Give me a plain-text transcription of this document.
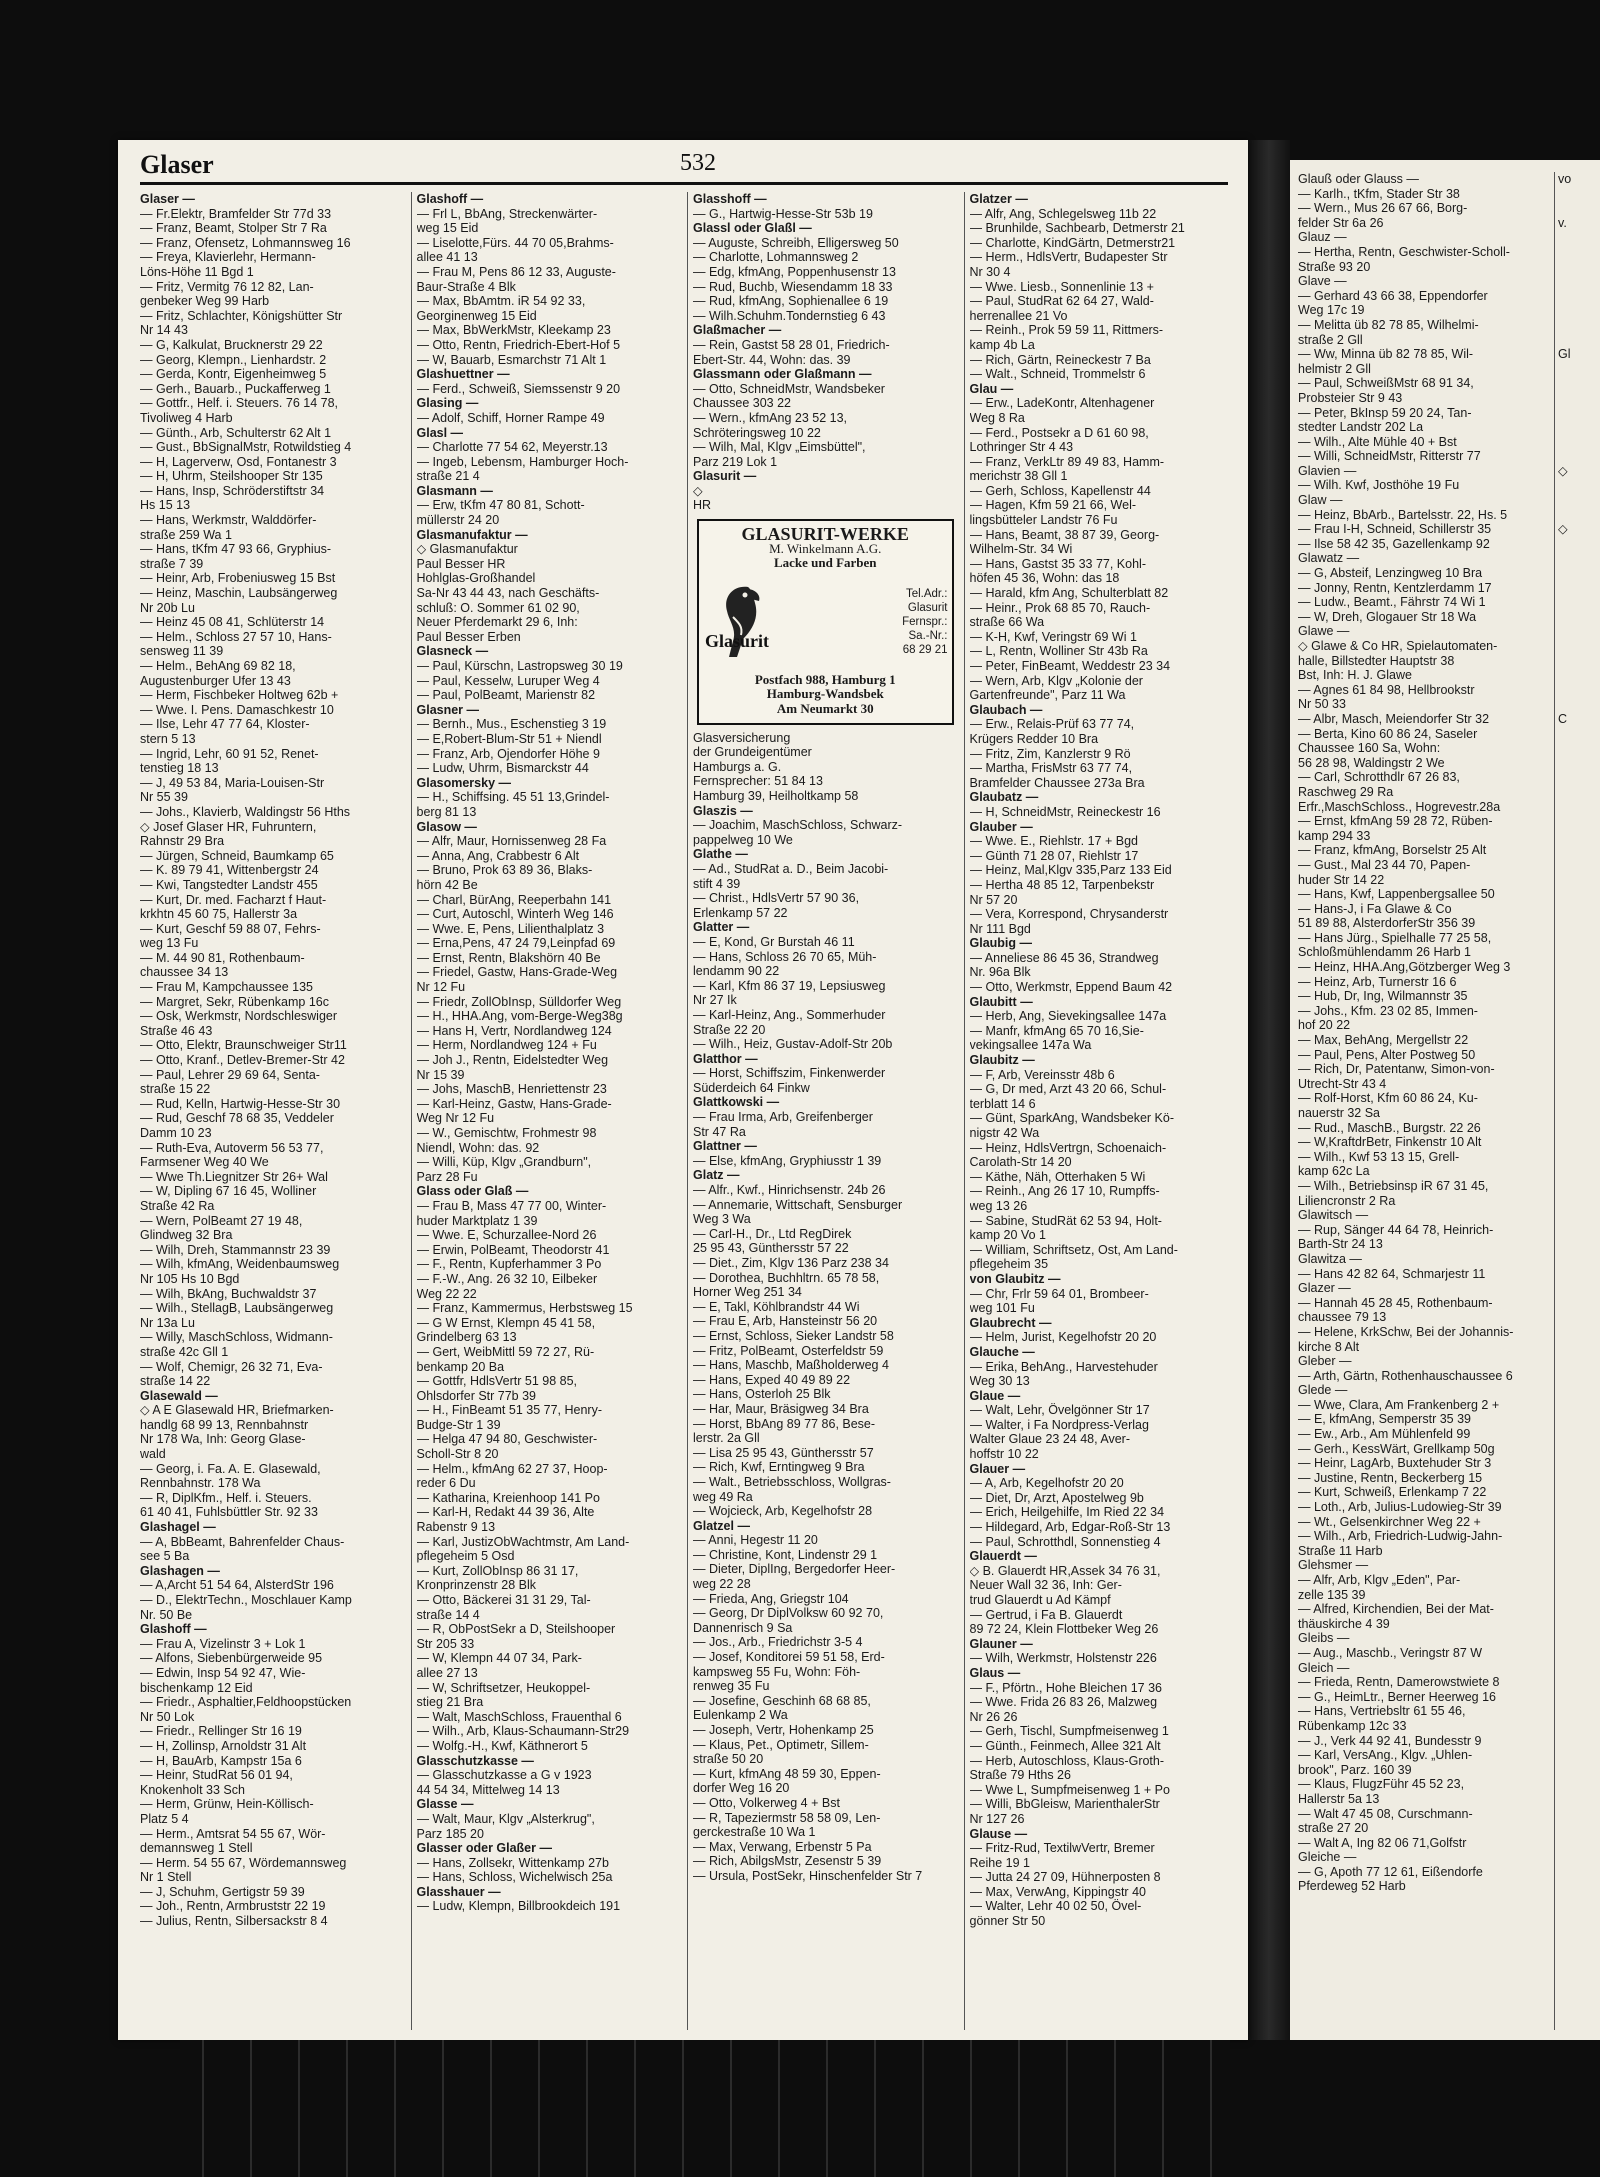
Glaser	532
Glaser —
— Fr.Elektr, Bramfelder Str 77d 33
— Franz, Beamt, Stolper Str 7 Ra
— Franz, Ofensetz, Lohmannsweg 16
— Freya, Klavierlehr, Hermann-
Löns-Höhe 11 Bgd 1
— Fritz, Vermitg 76 12 82, Lan-
genbeker Weg 99 Harb
— Fritz, Schlachter, Königshütter Str
Nr 14 43
— G, Kalkulat, Brucknerstr 29 22
— Georg, Klempn., Lienhardstr. 2
— Gerda, Kontr, Eigenheimweg 5
— Gerh., Bauarb., Puckafferweg 1
— Gottfr., Helf. i. Steuers. 76 14 78,
Tivoliweg 4 Harb
— Günth., Arb, Schulterstr 62 Alt 1
— Gust., BbSignalMstr, Rotwildstieg 4
— H, Lagerverw, Osd, Fontanestr 3
— H, Uhrm, Steilshooper Str 135
— Hans, Insp, Schröderstiftstr 34
Hs 15 13
— Hans, Werkmstr, Walddörfer-
straße 259 Wa 1
— Hans, tKfm 47 93 66, Gryphius-
straße 7 39
— Heinr, Arb, Frobeniusweg 15 Bst
— Heinz, Maschin, Laubsängerweg
Nr 20b Lu
— Heinz 45 08 41, Schlüterstr 14
— Helm., Schloss 27 57 10, Hans-
sensweg 11 39
— Helm., BehAng 69 82 18,
Augustenburger Ufer 13 43
— Herm, Fischbeker Holtweg 62b +
— Wwe. I. Pens. Damaschkestr 10
— Ilse, Lehr 47 77 64, Kloster-
stern 5 13
— Ingrid, Lehr, 60 91 52, Renet-
tenstieg 18 13
— J, 49 53 84, Maria-Louisen-Str
Nr 55 39
— Johs., Klavierb, Waldingstr 56 Hths
◇ Josef Glaser HR, Fuhruntern,
Rahnstr 29 Bra
— Jürgen, Schneid, Baumkamp 65
— K. 89 79 41, Wittenbergstr 24
— Kwi, Tangstedter Landstr 455
— Kurt, Dr. med. Facharzt f Haut-
krkhtn 45 60 75, Hallerstr 3a
— Kurt, Geschf 59 88 07, Fehrs-
weg 13 Fu
— M. 44 90 81, Rothenbaum-
chaussee 34 13
— Frau M, Kampchaussee 135
— Margret, Sekr, Rübenkamp 16c
— Osk, Werkmstr, Nordschleswiger
Straße 46 43
— Otto, Elektr, Braunschweiger Str11
— Otto, Kranf., Detlev-Bremer-Str 42
— Paul, Lehrer 29 69 64, Senta-
straße 15 22
— Rud, Kelln, Hartwig-Hesse-Str 30
— Rud, Geschf 78 68 35, Veddeler
Damm 10 23
— Ruth-Eva, Autoverm 56 53 77,
Farmsener Weg 40 We
— Wwe Th.Liegnitzer Str 26+ Wal
— W, Dipling 67 16 45, Wolliner
Straße 42 Ra
— Wern, PolBeamt 27 19 48,
Glindweg 32 Bra
— Wilh, Dreh, Stammannstr 23 39
— Wilh, kfmAng, Weidenbaumsweg
Nr 105 Hs 10 Bgd
— Wilh, BkAng, Buchwaldstr 37
— Wilh., StellagB, Laubsängerweg
Nr 13a Lu
— Willy, MaschSchloss, Widmann-
straße 42c Gll 1
— Wolf, Chemigr, 26 32 71, Eva-
straße 14 22
Glasewald —
◇ A E Glasewald HR, Briefmarken-
handlg 68 99 13, Rennbahnstr
Nr 178 Wa, Inh: Georg Glase-
wald
— Georg, i. Fa. A. E. Glasewald,
Rennbahnstr. 178 Wa
— R, DiplKfm., Helf. i. Steuers.
61 40 41, Fuhlsbüttler Str. 92 33
Glashagel —
— A, BbBeamt, Bahrenfelder Chaus-
see 5 Ba
Glashagen —
— A,Archt 51 54 64, AlsterdStr 196
— D., ElektrTechn., Moschlauer Kamp
Nr. 50 Be
Glashoff —
— Frau A, Vizelinstr 3 + Lok 1
— Alfons, Siebenbürgerweide 95
— Edwin, Insp 54 92 47, Wie-
bischenkamp 12 Eid
— Friedr., Asphaltier,Feldhoopstücken
Nr 50 Lok
— Friedr., Rellinger Str 16 19
— H, Zollinsp, Arnoldstr 31 Alt
— H, BauArb, Kampstr 15a 6
— Heinr, StudRat 56 01 94,
Knokenholt 33 Sch
— Herm, Grünw, Hein-Köllisch-
Platz 5 4
— Herm., Amtsrat 54 55 67, Wör-
demannsweg 1 Stell
— Herm. 54 55 67, Wördemannsweg
Nr 1 Stell
— J, Schuhm, Gertigstr 59 39
— Joh., Rentn, Armbruststr 22 19
— Julius, Rentn, Silbersackstr 8 4
Glashoff —
— Frl L, BbAng, Streckenwärter-
weg 15 Eid
— Liselotte,Fürs. 44 70 05,Brahms-
allee 41 13
— Frau M, Pens 86 12 33, Auguste-
Baur-Straße 4 Blk
— Max, BbAmtm. iR 54 92 33,
Georginenweg 15 Eid
— Max, BbWerkMstr, Kleekamp 23
— Otto, Rentn, Friedrich-Ebert-Hof 5
— W, Bauarb, Esmarchstr 71 Alt 1
Glashuettner —
— Ferd., Schweiß, Siemssenstr 9 20
Glasing —
— Adolf, Schiff, Horner Rampe 49
Glasl —
— Charlotte 77 54 62, Meyerstr.13
— Ingeb, Lebensm, Hamburger Hoch-
straße 21 4
Glasmann —
— Erw, tKfm 47 80 81, Schott-
müllerstr 24 20
Glasmanufaktur —
◇ Glasmanufaktur
Paul Besser HR
Hohlglas-Großhandel
Sa-Nr 43 44 43, nach Geschäfts-
schluß: O. Sommer 61 02 90,
Neuer Pferdemarkt 29 6, Inh:
Paul Besser Erben
Glasneck —
— Paul, Kürschn, Lastropsweg 30 19
— Paul, Kesselw, Luruper Weg 4
— Paul, PolBeamt, Marienstr 82
Glasner —
— Bernh., Mus., Eschenstieg 3 19
— E,Robert-Blum-Str 51 + Niendl
— Franz, Arb, Ojendorfer Höhe 9
— Ludw, Uhrm, Bismarckstr 44
Glasomersky —
— H., Schiffsing. 45 51 13,Grindel-
berg 81 13
Glasow —
— Alfr, Maur, Hornissenweg 28 Fa
— Anna, Ang, Crabbestr 6 Alt
— Bruno, Prok 63 89 36, Blaks-
hörn 42 Be
— Charl, BürAng, Reeperbahn 141
— Curt, Autoschl, Winterh Weg 146
— Wwe. E, Pens, Lilienthalplatz 3
— Erna,Pens, 47 24 79,Leinpfad 69
— Ernst, Rentn, Blakshörn 40 Be
— Friedel, Gastw, Hans-Grade-Weg
Nr 12 Fu
— Friedr, ZollObInsp, Sülldorfer Weg
— H., HHA.Ang, vom-Berge-Weg38g
— Hans H, Vertr, Nordlandweg 124
— Herm, Nordlandweg 124 + Fu
— Joh J., Rentn, Eidelstedter Weg
Nr 15 39
— Johs, MaschB, Henriettenstr 23
— Karl-Heinz, Gastw, Hans-Grade-
Weg Nr 12 Fu
— W., Gemischtw, Frohmestr 98
Niendl, Wohn: das. 92
— Willi, Küp, Klgv „Grandburn",
Parz 28 Fu
Glass oder Glaß —
— Frau B, Mass 47 77 00, Winter-
huder Marktplatz 1 39
— Wwe. E, Schurzallee-Nord 26
— Erwin, PolBeamt, Theodorstr 41
— F., Rentn, Kupferhammer 3 Po
— F.-W., Ang. 26 32 10, Eilbeker
Weg 22 22
— Franz, Kammermus, Herbstsweg 15
— G W Ernst, Klempn 45 41 58,
Grindelberg 63 13
— Gert, WeibMittl 59 72 27, Rü-
benkamp 20 Ba
— Gottfr, HdlsVertr 51 98 85,
Ohlsdorfer Str 77b 39
— H., FinBeamt 51 35 77, Henry-
Budge-Str 1 39
— Helga 47 94 80, Geschwister-
Scholl-Str 8 20
— Helm., kfmAng 62 27 37, Hoop-
reder 6 Du
— Katharina, Kreienhoop 141 Po
— Karl-H, Redakt 44 39 36, Alte
Rabenstr 9 13
— Karl, JustizObWachtmstr, Am Land-
pflegeheim 5 Osd
— Kurt, ZollObInsp 86 31 17,
Kronprinzenstr 28 Blk
— Otto, Bäckerei 31 31 29, Tal-
straße 14 4
— R, ObPostSekr a D, Steilshooper
Str 205 33
— W, Klempn 44 07 34, Park-
allee 27 13
— W, Schriftsetzer, Heukoppel-
stieg 21 Bra
— Walt, MaschSchloss, Frauenthal 6
— Wilh., Arb, Klaus-Schaumann-Str29
— Wolfg.-H., Kwf, Käthnerort 5
Glasschutzkasse —
— Glasschutzkasse a G v 1923
44 54 34, Mittelweg 14 13
Glasse —
— Walt, Maur, Klgv „Alsterkrug",
Parz 185 20
Glasser oder Glaßer —
— Hans, Zollsekr, Wittenkamp 27b
— Hans, Schloss, Wichelwisch 25a
Glasshauer —
— Ludw, Klempn, Billbrookdeich 191
Glasshoff —
— G., Hartwig-Hesse-Str 53b 19
Glassl oder Glaßl —
— Auguste, Schreibh, Elligersweg 50
— Charlotte, Lohmannsweg 2
— Edg, kfmAng, Poppenhusenstr 13
— Rud, Buchb, Wiesendamm 18 33
— Rud, kfmAng, Sophienallee 6 19
— Wilh.Schuhm.Tondernstieg 6 43
Glaßmacher —
— Rein, Gastst 58 28 01, Friedrich-
Ebert-Str. 44, Wohn: das. 39
Glassmann oder Glaßmann —
— Otto, SchneidMstr, Wandsbeker
Chaussee 303 22
— Wern., kfmAng 23 52 13,
Schröteringsweg 10 22
— Wilh, Mal, Klgv „Eimsbüttel",
Parz 219 Lok 1
Glasurit —
◇
HR
GLASURIT-WERKE
M. Winkelmann A.G.
Lacke und Farben
Glasurit
Tel.Adr.:
Glasurit
Fernspr.:
Sa.-Nr.:
68 29 21
Postfach 988, Hamburg 1
Hamburg-Wandsbek
Am Neumarkt 30
Glasversicherung
der Grundeigentümer
Hamburgs a. G.
Fernsprecher: 51 84 13
Hamburg 39, Heilholtkamp 58
Glaszis —
— Joachim, MaschSchloss, Schwarz-
pappelweg 10 We
Glathe —
— Ad., StudRat a. D., Beim Jacobi-
stift 4 39
— Christ., HdlsVertr 57 90 36,
Erlenkamp 57 22
Glatter —
— E, Kond, Gr Burstah 46 11
— Hans, Schloss 26 70 65, Müh-
lendamm 90 22
— Karl, Kfm 86 37 19, Lepsiusweg
Nr 27 Ik
— Karl-Heinz, Ang., Sommerhuder
Straße 22 20
— Wilh., Heiz, Gustav-Adolf-Str 20b
Glatthor —
— Horst, Schiffszim, Finkenwerder
Süderdeich 64 Finkw
Glattkowski —
— Frau Irma, Arb, Greifenberger
Str 47 Ra
Glattner —
— Else, kfmAng, Gryphiusstr 1 39
Glatz —
— Alfr., Kwf., Hinrichsenstr. 24b 26
— Annemarie, Wittschaft, Sensburger
Weg 3 Wa
— Carl-H., Dr., Ltd RegDirek
25 95 43, Günthersstr 57 22
— Diet., Zim, Klgv 136 Parz 238 34
— Dorothea, Buchhltrn. 65 78 58,
Horner Weg 251 34
— E, Takl, Köhlbrandstr 44 Wi
— Frau E, Arb, Hansteinstr 56 20
— Ernst, Schloss, Sieker Landstr 58
— Fritz, PolBeamt, Osterfeldstr 59
— Hans, Maschb, Maßholderweg 4
— Hans, Exped 40 49 89 22
— Hans, Osterloh 25 Blk
— Har, Maur, Bräsigweg 34 Bra
— Horst, BbAng 89 77 86, Bese-
lerstr. 2a Gll
— Lisa 25 95 43, Günthersstr 57
— Rich, Kwf, Erntingweg 9 Bra
— Walt., Betriebsschloss, Wollgras-
weg 49 Ra
— Wojcieck, Arb, Kegelhofstr 28
Glatzel —
— Anni, Hegestr 11 20
— Christine, Kont, Lindenstr 29 1
— Dieter, DiplIng, Bergedorfer Heer-
weg 22 28
— Frieda, Ang, Griegstr 104
— Georg, Dr DiplVolksw 60 92 70,
Dannenrisch 9 Sa
— Jos., Arb., Friedrichstr 3-5 4
— Josef, Konditorei 59 51 58, Erd-
kampsweg 55 Fu, Wohn: Föh-
renweg 35 Fu
— Josefine, Geschinh 68 68 85,
Eulenkamp 2 Wa
— Joseph, Vertr, Hohenkamp 25
— Klaus, Pet., Optimetr, Sillem-
straße 50 20
— Kurt, kfmAng 48 59 30, Eppen-
dorfer Weg 16 20
— Otto, Volkerweg 4 + Bst
— R, Tapeziermstr 58 58 09, Len-
gerckestraße 10 Wa 1
— Max, Verwang, Erbenstr 5 Pa
— Rich, AbilgsMstr, Zesenstr 5 39
— Ursula, PostSekr, Hinschenfelder Str 7
Glatzer —
— Alfr, Ang, Schlegelsweg 11b 22
— Brunhilde, Sachbearb, Detmerstr 21
— Charlotte, KindGärtn, Detmerstr21
— Herm., HdlsVertr, Budapester Str
Nr 30 4
— Wwe. Liesb., Sonnenlinie 13 +
— Paul, StudRat 62 64 27, Wald-
herrenallee 21 Vo
— Reinh., Prok 59 59 11, Rittmers-
kamp 4b La
— Rich, Gärtn, Reineckestr 7 Ba
— Walt., Schneid, Trommelstr 6
Glau —
— Erw., LadeKontr, Altenhagener
Weg 8 Ra
— Ferd., Postsekr a D 61 60 98,
Lothringer Str 4 43
— Franz, VerkLtr 89 49 83, Hamm-
merichstr 38 Gll 1
— Gerh, Schloss, Kapellenstr 44
— Hagen, Kfm 59 21 66, Wel-
lingsbütteler Landstr 76 Fu
— Hans, Beamt, 38 87 39, Georg-
Wilhelm-Str. 34 Wi
— Hans, Gastst 35 33 77, Kohl-
höfen 45 36, Wohn: das 18
— Harald, kfm Ang, Schulterblatt 82
— Heinr., Prok 68 85 70, Rauch-
straße 66 Wa
— K-H, Kwf, Veringstr 69 Wi 1
— L, Rentn, Wolliner Str 43b Ra
— Peter, FinBeamt, Weddestr 23 34
— Wern, Arb, Klgv „Kolonie der
Gartenfreunde", Parz 11 Wa
Glaubach —
— Erw., Relais-Prüf 63 77 74,
Krügers Redder 10 Bra
— Fritz, Zim, Kanzlerstr 9 Rö
— Martha, FrisMstr 63 77 74,
Bramfelder Chaussee 273a Bra
Glaubatz —
— H, SchneidMstr, Reineckestr 16
Glauber —
— Wwe. E., Riehlstr. 17 + Bgd
— Günth 71 28 07, Riehlstr 17
— Heinz, Mal,Klgv 335,Parz 133 Eid
— Hertha 48 85 12, Tarpenbekstr
Nr 57 20
— Vera, Korrespond, Chrysanderstr
Nr 111 Bgd
Glaubig —
— Anneliese 86 45 36, Strandweg
Nr. 96a Blk
— Otto, Werkmstr, Eppend Baum 42
Glaubitt —
— Herb, Ang, Sievekingsallee 147a
— Manfr, kfmAng 65 70 16,Sie-
vekingsallee 147a Wa
Glaubitz —
— F, Arb, Vereinsstr 48b 6
— G, Dr med, Arzt 43 20 66, Schul-
terblatt 14 6
— Günt, SparkAng, Wandsbeker Kö-
nigstr 42 Wa
— Heinz, HdlsVertrgn, Schoenaich-
Carolath-Str 14 20
— Käthe, Näh, Otterhaken 5 Wi
— Reinh., Ang 26 17 10, Rumpffs-
weg 13 26
— Sabine, StudRät 62 53 94, Holt-
kamp 20 Vo 1
— William, Schriftsetz, Ost, Am Land-
pflegeheim 35
von Glaubitz —
— Chr, Frlr 59 64 01, Brombeer-
weg 101 Fu
Glaubrecht —
— Helm, Jurist, Kegelhofstr 20 20
Glauche —
— Erika, BehAng., Harvestehuder
Weg 30 13
Glaue —
— Walt, Lehr, Övelgönner Str 17
— Walter, i Fa Nordpress-Verlag
Walter Glaue 23 24 48, Aver-
hoffstr 10 22
Glauer —
— A, Arb, Kegelhofstr 20 20
— Diet, Dr, Arzt, Apostelweg 9b
— Erich, Heilgehilfe, Im Ried 22 34
— Hildegard, Arb, Edgar-Roß-Str 13
— Paul, Schrotthdl, Sonnenstieg 4
Glauerdt —
◇ B. Glauerdt HR,Assek 34 76 31,
Neuer Wall 32 36, Inh: Ger-
trud Glauerdt u Ad Kämpf
— Gertrud, i Fa B. Glauerdt
89 72 24, Klein Flottbeker Weg 26
Glauner —
— Wilh, Werkmstr, Holstenstr 226
Glaus —
— F., Pförtn., Hohe Bleichen 17 36
— Wwe. Frida 26 83 26, Malzweg
Nr 26 26
— Gerh, Tischl, Sumpfmeisenweg 1
— Günth., Feinmech, Allee 321 Alt
— Herb, Autoschloss, Klaus-Groth-
Straße 79 Hths 26
— Wwe L, Sumpfmeisenweg 1 + Po
— Willi, BbGleisw, MarienthalerStr
Nr 127 26
Glause —
— Fritz-Rud, TextilwVertr, Bremer
Reihe 19 1
— Jutta 24 27 09, Hühnerposten 8
— Max, VerwAng, Kippingstr 40
— Walter, Lehr 40 02 50, Övel-
gönner Str 50
Glauß oder Glauss —
— Karlh., tKfm, Stader Str 38
— Wern., Mus 26 67 66, Borg-
felder Str 6a 26
Glauz —
— Hertha, Rentn, Geschwister-Scholl-
Straße 93 20
Glave —
— Gerhard 43 66 38, Eppendorfer
Weg 17c 19
— Melitta üb 82 78 85, Wilhelmi-
straße 2 Gll
— Ww, Minna üb 82 78 85, Wil-
helmistr 2 Gll
— Paul, SchweißMstr 68 91 34,
Probsteier Str 9 43
— Peter, BkInsp 59 20 24, Tan-
stedter Landstr 202 La
— Wilh., Alte Mühle 40 + Bst
— Willi, SchneidMstr, Ritterstr 77
Glavien —
— Wilh. Kwf, Josthöhe 19 Fu
Glaw —
— Heinz, BbArb., Bartelsstr. 22, Hs. 5
— Frau I-H, Schneid, Schillerstr 35
— Ilse 58 42 35, Gazellenkamp 92
Glawatz —
— G, Absteif, Lenzingweg 10 Bra
— Jonny, Rentn, Kentzlerdamm 17
— Ludw., Beamt., Fährstr 74 Wi 1
— W, Dreh, Glogauer Str 18 Wa
Glawe —
◇ Glawe & Co HR, Spielautomaten-
halle, Billstedter Hauptstr 38
Bst, Inh: H. J. Glawe
— Agnes 61 84 98, Hellbrookstr
Nr 50 33
— Albr, Masch, Meiendorfer Str 32
— Berta, Kino 60 86 24, Saseler
Chaussee 160 Sa, Wohn:
56 28 98, Waldingstr 2 We
— Carl, Schrotthdlr 67 26 83,
Raschweg 29 Ra
Erfr.,MaschSchloss., Hogrevestr.28a
— Ernst, kfmAng 59 28 72, Rüben-
kamp 294 33
— Franz, kfmAng, Borselstr 25 Alt
— Gust., Mal 23 44 70, Papen-
huder Str 14 22
— Hans, Kwf, Lappenbergsallee 50
— Hans-J, i Fa Glawe & Co
51 89 88, AlsterdorferStr 356 39
— Hans Jürg., Spielhalle 77 25 58,
Schloßmühlendamm 26 Harb 1
— Heinz, HHA.Ang,Götzberger Weg 3
— Heinz, Arb, Turnerstr 16 6
— Hub, Dr, Ing, Wilmannstr 35
— Johs., Kfm. 23 02 85, Immen-
hof 20 22
— Max, BehAng, Mergellstr 22
— Paul, Pens, Alter Postweg 50
— Rich, Dr, Patentanw, Simon-von-
Utrecht-Str 43 4
— Rolf-Horst, Kfm 60 86 24, Ku-
nauerstr 32 Sa
— Rud., MaschB., Burgstr. 22 26
— W,KraftdrBetr, Finkenstr 10 Alt
— Wilh., Kwf 53 13 15, Grell-
kamp 62c La
— Wilh., Betriebsinsp iR 67 31 45,
Liliencronstr 2 Ra
Glawitsch —
— Rup, Sänger 44 64 78, Heinrich-
Barth-Str 24 13
Glawitza —
— Hans 42 82 64, Schmarjestr 11
Glazer —
— Hannah 45 28 45, Rothenbaum-
chaussee 79 13
— Helene, KrkSchw, Bei der Johannis-
kirche 8 Alt
Gleber —
— Arth, Gärtn, Rothenhauschaussee 6
Glede —
— Wwe, Clara, Am Frankenberg 2 +
— E, kfmAng, Semperstr 35 39
— Ew., Arb., Am Mühlenfeld 99
— Gerh., KessWärt, Grellkamp 50g
— Heinr, LagArb, Buxtehuder Str 3
— Justine, Rentn, Beckerberg 15
— Kurt, Schweiß, Erlenkamp 7 22
— Loth., Arb, Julius-Ludowieg-Str 39
— Wt., Gelsenkirchner Weg 22 +
— Wilh., Arb, Friedrich-Ludwig-Jahn-
Straße 11 Harb
Glehsmer —
— Alfr, Arb, Klgv „Eden", Par-
zelle 135 39
— Alfred, Kirchendien, Bei der Mat-
thäuskirche 4 39
Gleibs —
— Aug., Maschb., Veringstr 87 W
Gleich —
— Frieda, Rentn, Damerowstwiete 8
— G., HeimLtr., Berner Heerweg 16
— Hans, Vertriebsltr 61 55 46,
Rübenkamp 12c 33
— J., Verk 44 92 41, Bundesstr 9
— Karl, VersAng., Klgv. „Uhlen-
brook", Parz. 160 39
— Klaus, FlugzFühr 45 52 23,
Hallerstr 5a 13
— Walt 47 45 08, Curschmann-
straße 27 20
— Walt A, Ing 82 06 71,Golfstr
Gleiche —
— G, Apoth 77 12 61, Eißendorfe
Pferdeweg 52 Harb
vo

v.

Gl

◇

◇

C
